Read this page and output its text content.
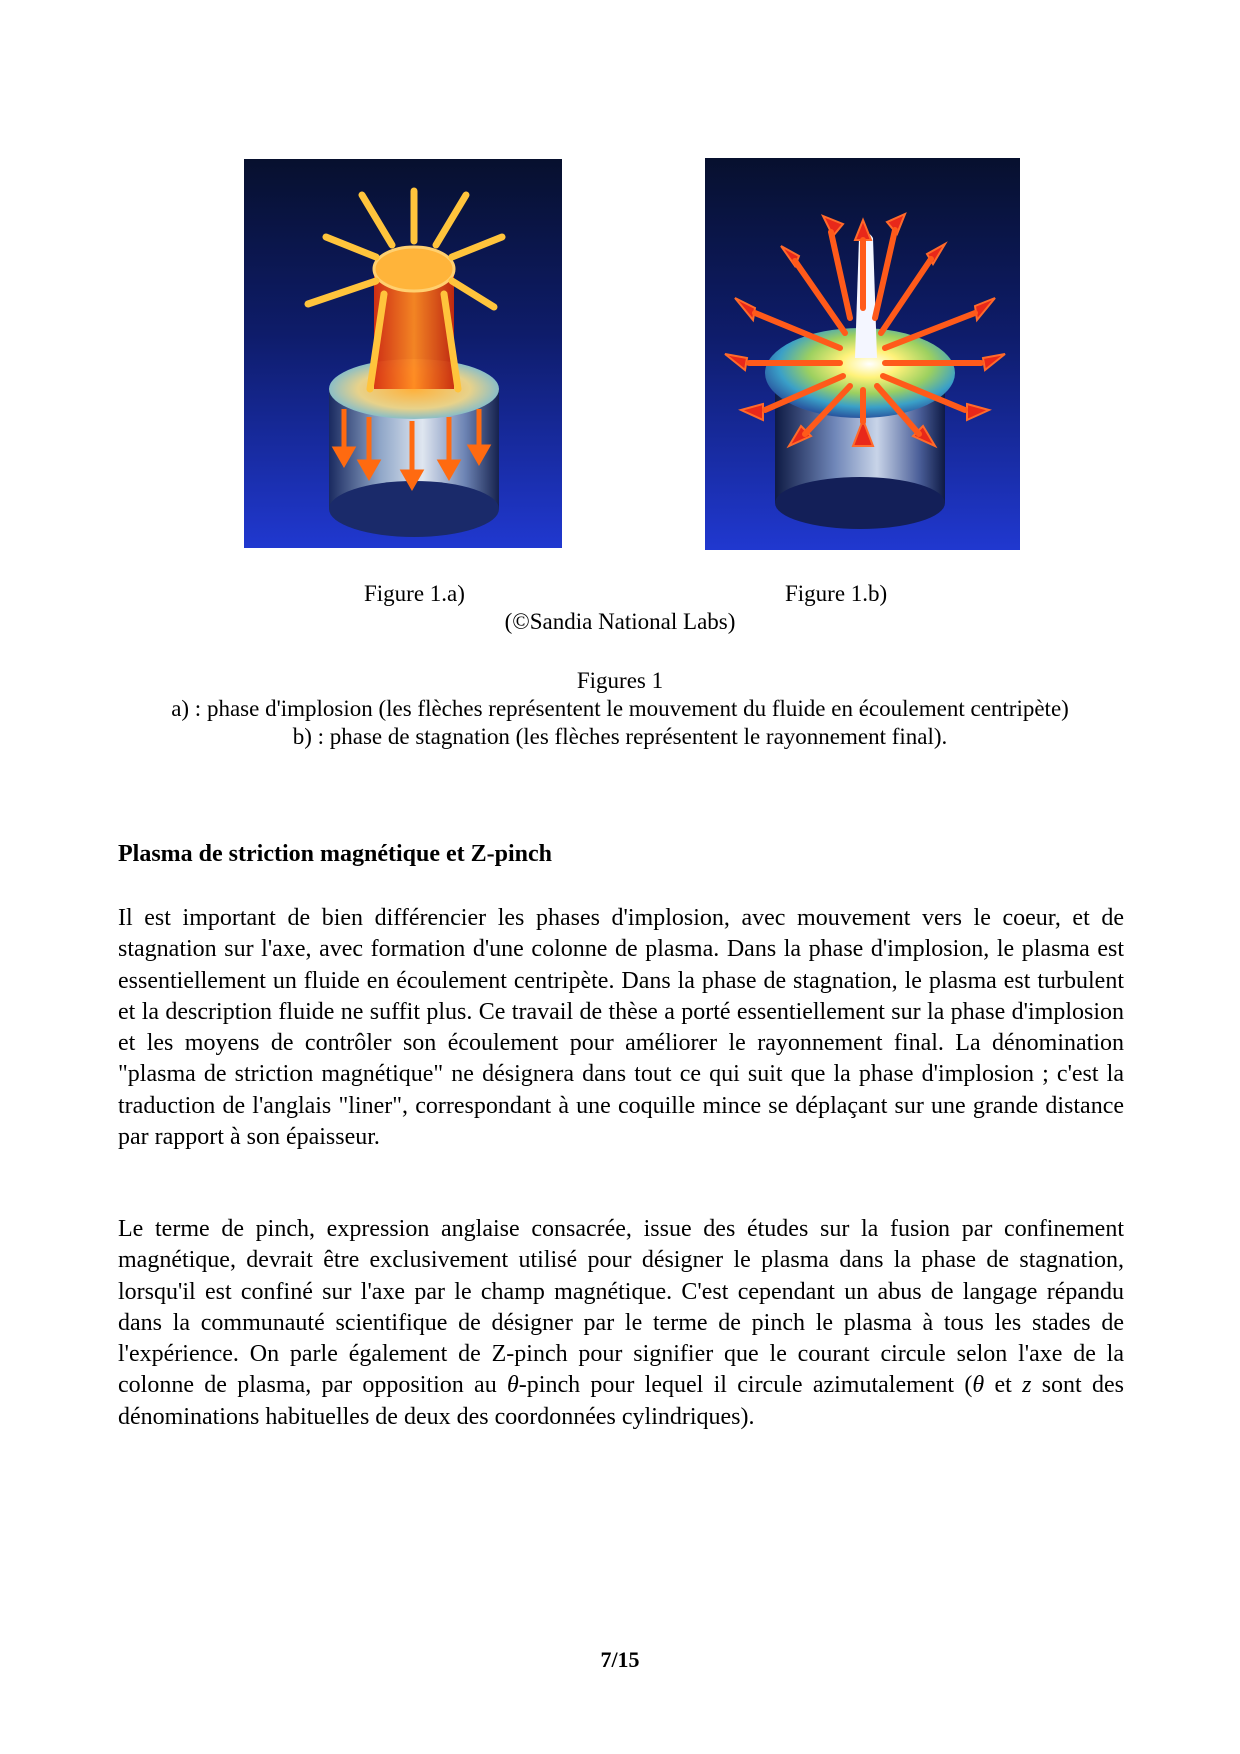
Figure 1.a)	Figure 1.b)
(©Sandia National Labs)
Figures 1
a) : phase d'implosion (les flèches représentent le mouvement du fluide en écoulement centripète)
b) : phase de stagnation (les flèches représentent le rayonnement final).
Plasma de striction magnétique et Z-pinch

Il est important de bien différencier les phases d'implosion, avec mouvement vers le coeur, et de stagnation sur l'axe, avec formation d'une colonne de plasma. Dans la phase d'implosion, le plasma est essentiellement un fluide en écoulement centripète. Dans la phase de stagnation, le plasma est turbulent et la description fluide ne suffit plus. Ce travail de thèse a porté essentiellement sur la phase d'implosion et les moyens de contrôler son écoulement pour améliorer le rayonnement final. La dénomination "plasma de striction magnétique" ne désignera dans tout ce qui suit que la phase d'implosion ; c'est la traduction de l'anglais "liner", correspondant à une coquille mince se déplaçant sur une grande distance par rapport à son épaisseur.

Le terme de pinch, expression anglaise consacrée, issue des études sur la fusion par confinement magnétique, devrait être exclusivement utilisé pour désigner le plasma dans la phase de stagnation, lorsqu'il est confiné sur l'axe par le champ magnétique. C'est cependant un abus de langage répandu dans la communauté scientifique de désigner par le terme de pinch le plasma à tous les stades de l'expérience. On parle également de Z-pinch pour signifier que le courant circule selon l'axe de la colonne de plasma, par opposition au θ-pinch pour lequel il circule azimutalement (θ et z sont des dénominations habituelles de deux des coordonnées cylindriques).

7/15
